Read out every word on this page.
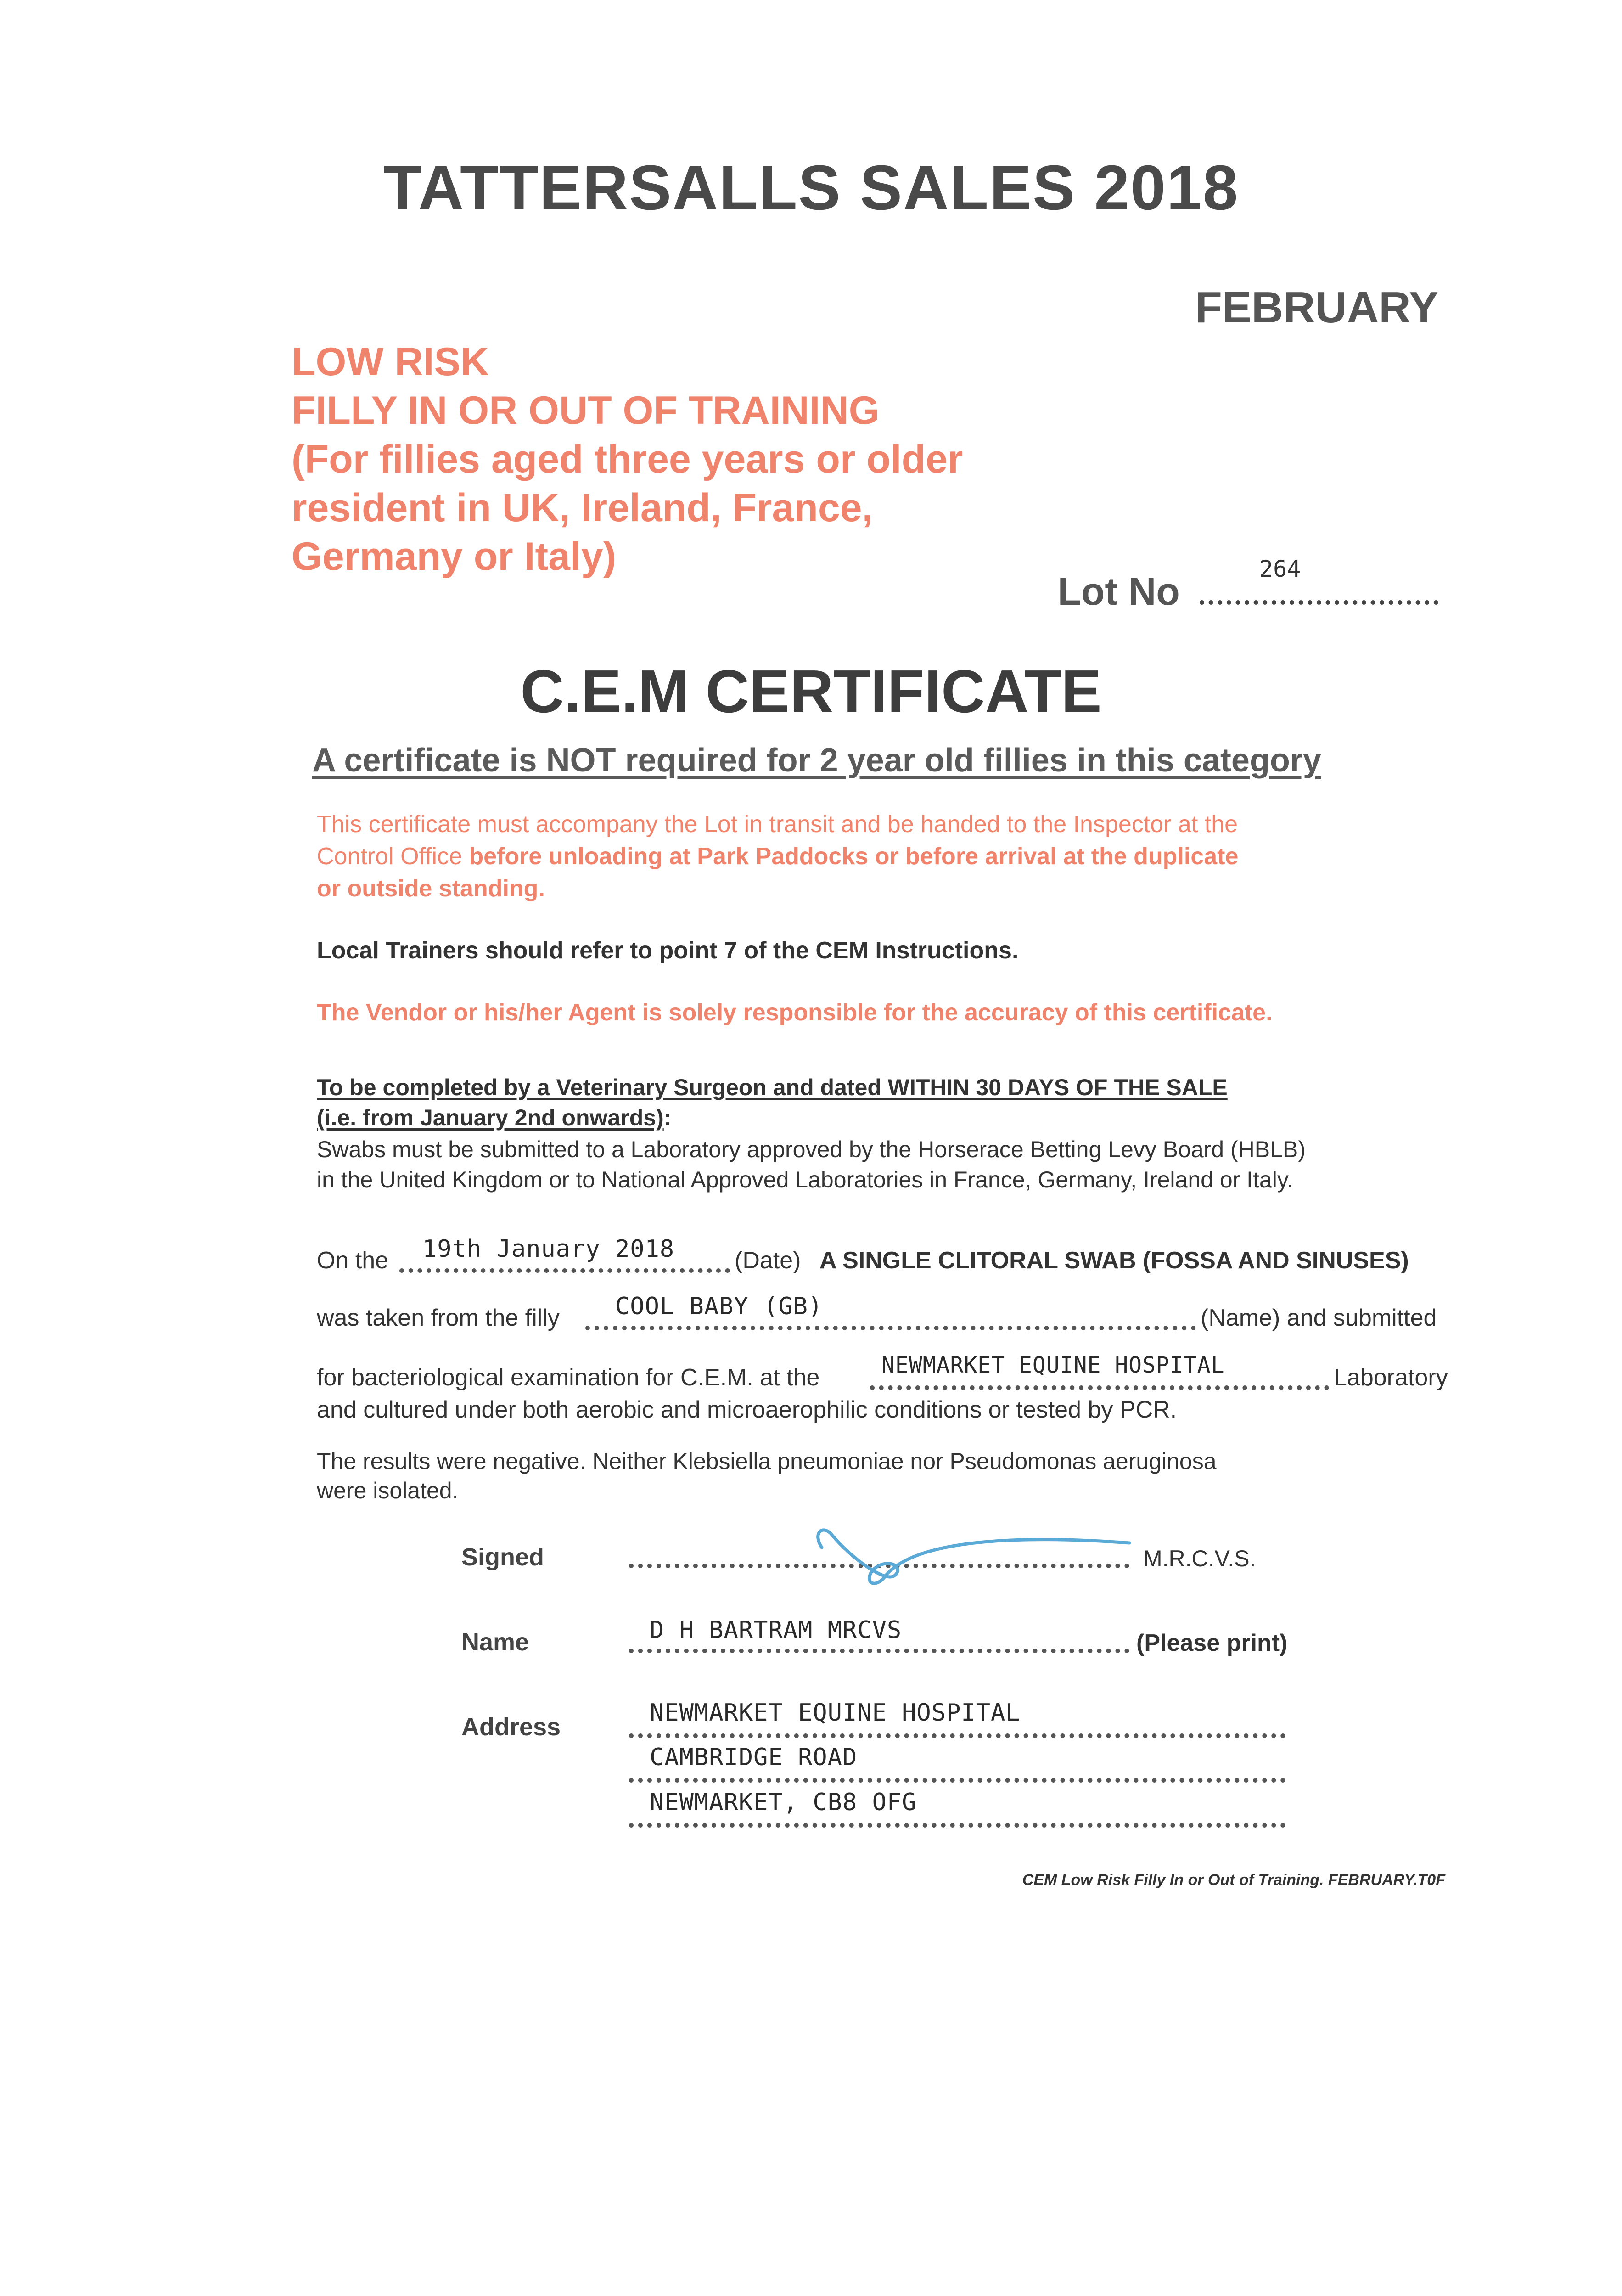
TATTERSALLS SALES 2018
FEBRUARY
LOW RISK
FILLY IN OR OUT OF TRAINING
(For fillies aged three years or older
resident in UK, Ireland, France,
Germany or Italy)
Lot No
264
C.E.M CERTIFICATE
A certificate is NOT required for 2 year old fillies in this category
This certificate must accompany the Lot in transit and be handed to the Inspector at the
Control Office before unloading at Park Paddocks or before arrival at the duplicate
or outside standing.
Local Trainers should refer to point 7 of the CEM Instructions.
The Vendor or his/her Agent is solely responsible for the accuracy of this certificate.
To be completed by a Veterinary Surgeon and dated WITHIN 30 DAYS OF THE SALE
(i.e. from January 2nd onwards):
Swabs must be submitted to a Laboratory approved by the Horserace Betting Levy Board (HBLB)
in the United Kingdom or to National Approved Laboratories in France, Germany, Ireland or Italy.
On the 19th January 2018	(Date) A SINGLE CLITORAL SWAB (FOSSA AND SINUSES)
was taken from the filly COOL BABY (GB)	(Name) and submitted
for bacteriological examination for C.E.M. at the	NEWMARKET EQUINE HOSPITAL	Laboratory
and cultured under both aerobic and microaerophilic conditions or tested by PCR.
The results were negative. Neither Klebsiella pneumoniae nor Pseudomonas aeruginosa
were isolated.
Signed	M.R.C.V.S.
Name	D H BARTRAM MRCVS	(Please print)
Address
NEWMARKET EQUINE HOSPITAL
CAMBRIDGE ROAD
NEWMARKET, CB8 OFG
CEM Low Risk Filly In or Out of Training. FEBRUARY.T0F
